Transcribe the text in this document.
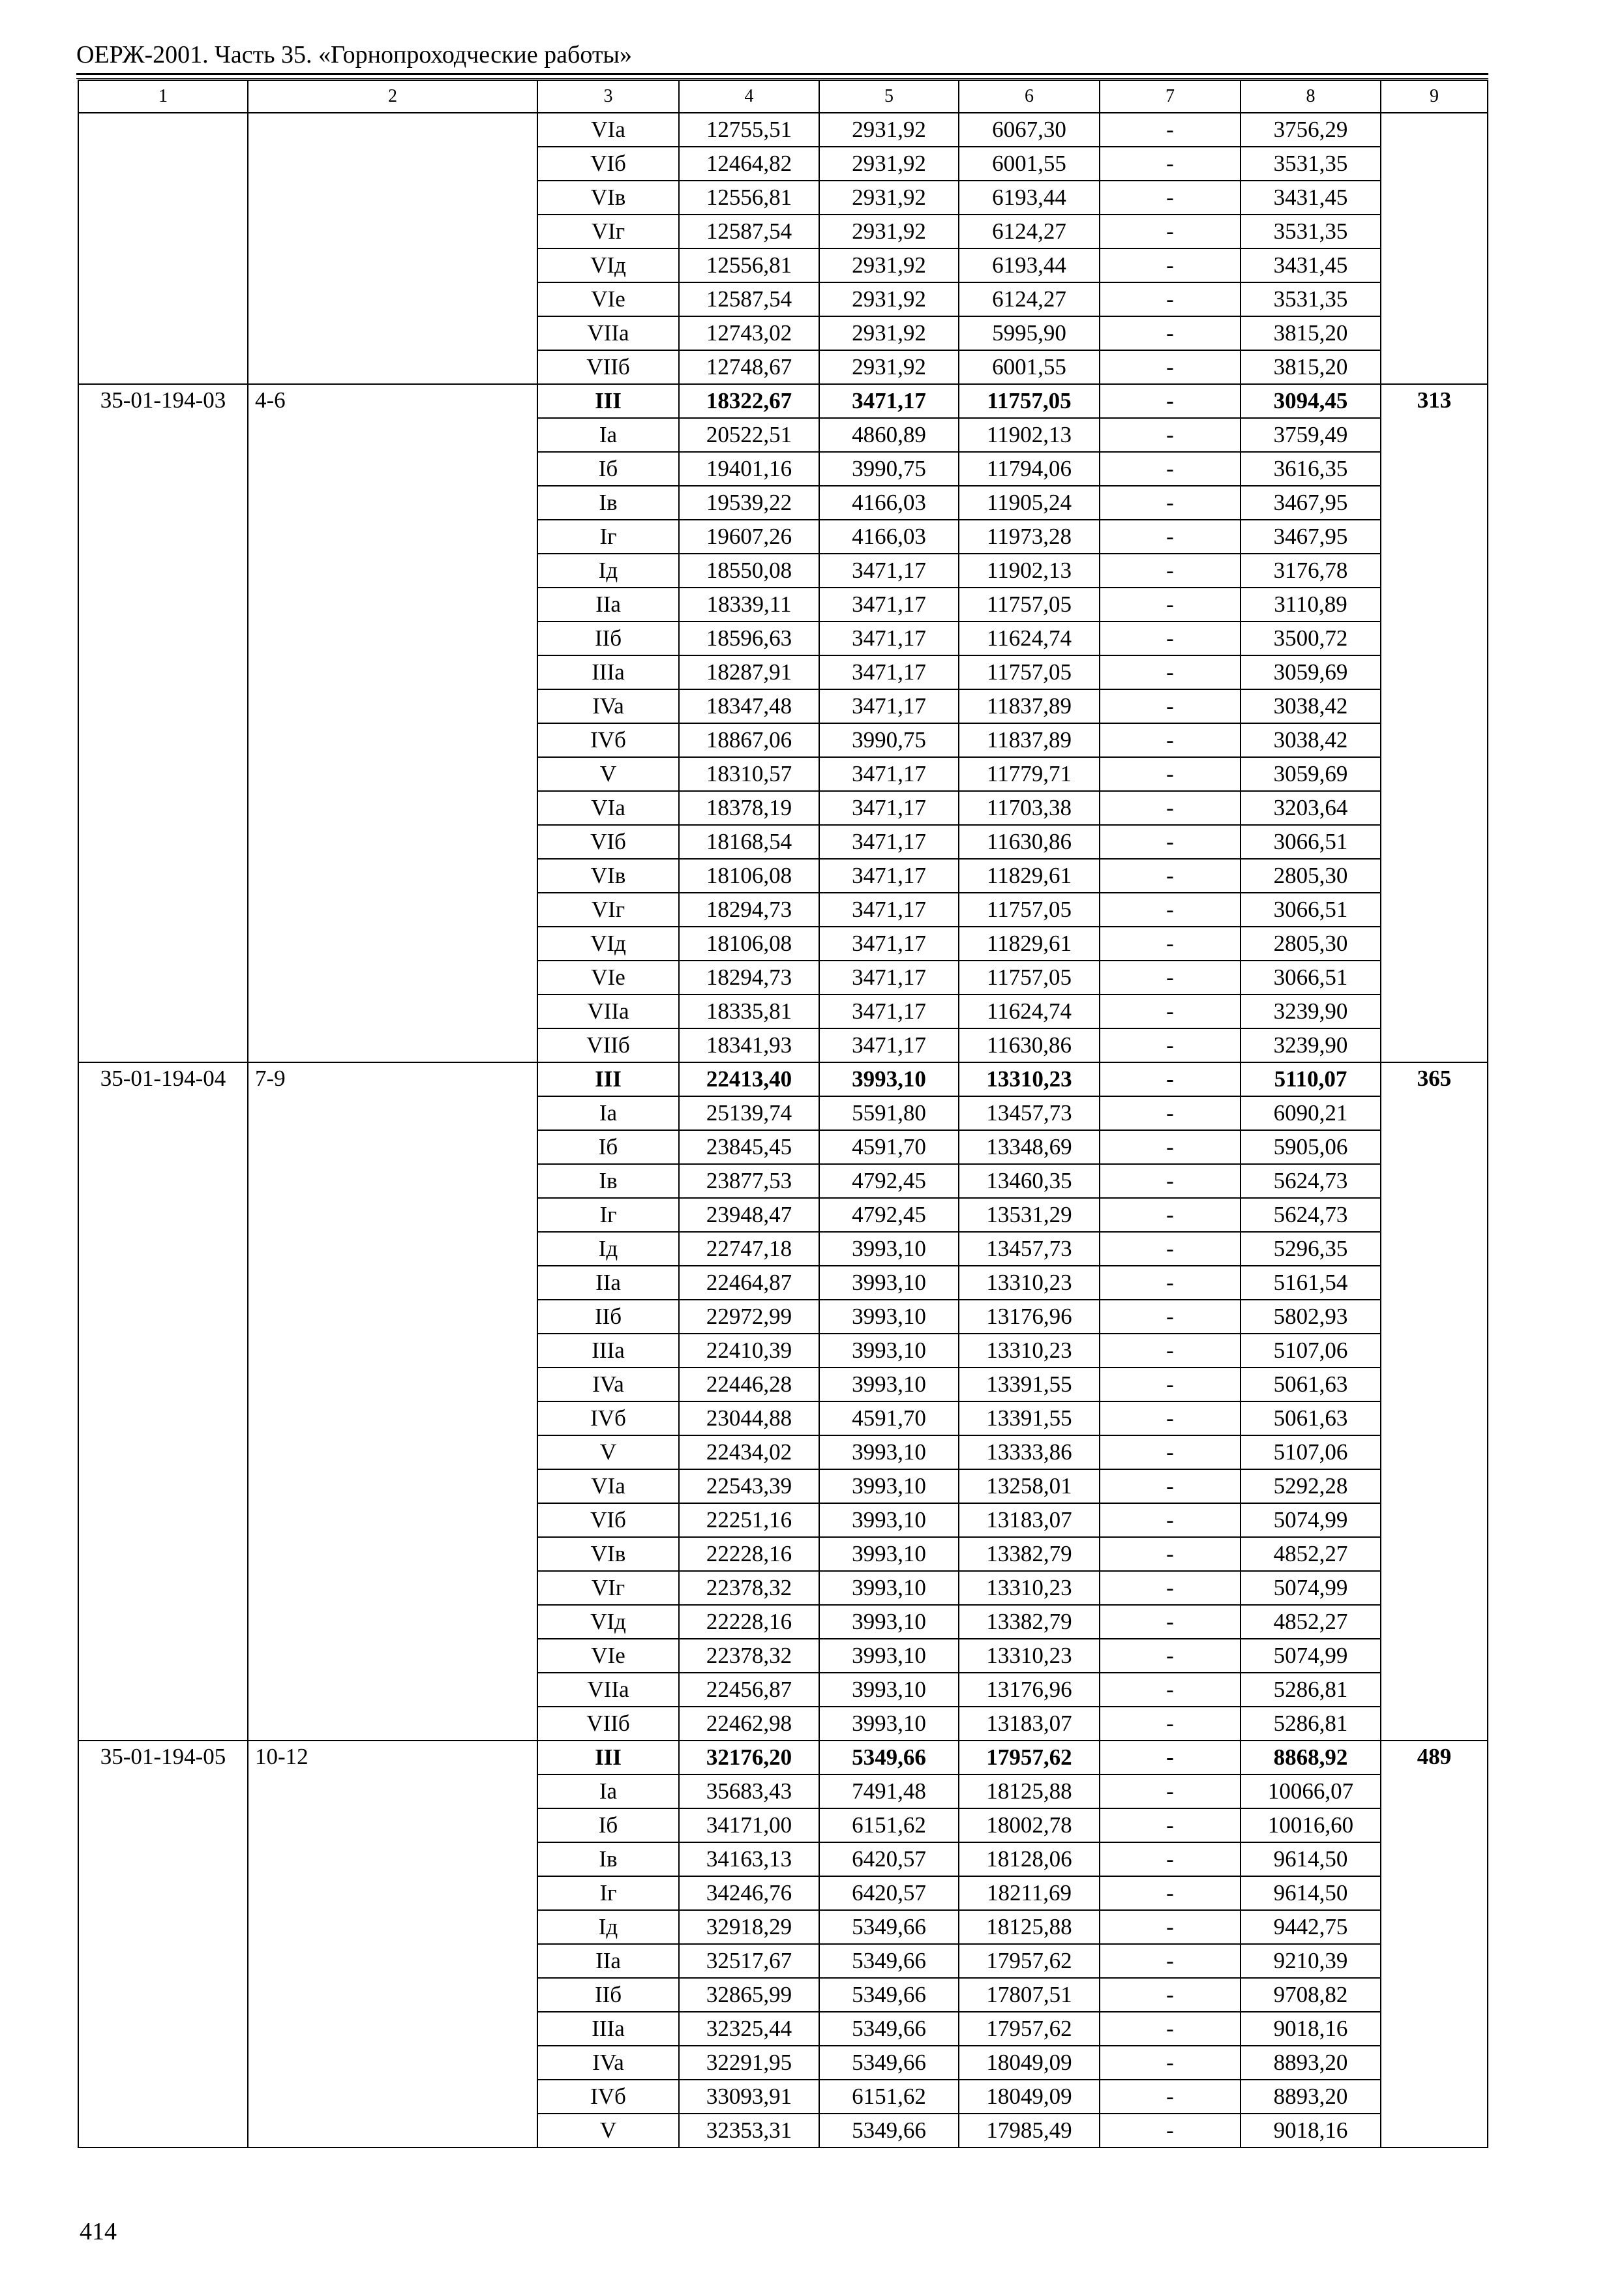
ОЕРЖ-2001. Часть 35. «Горнопроходческие работы»
1	2	3	4	5	6	7	8	9
		VIa	12755,51	2931,92	6067,30	-	3756,29	
		VIб	12464,82	2931,92	6001,55	-	3531,35	
		VIв	12556,81	2931,92	6193,44	-	3431,45	
		VIг	12587,54	2931,92	6124,27	-	3531,35	
		VIд	12556,81	2931,92	6193,44	-	3431,45	
		VIе	12587,54	2931,92	6124,27	-	3531,35	
		VIIa	12743,02	2931,92	5995,90	-	3815,20	
		VIIб	12748,67	2931,92	6001,55	-	3815,20	
35-01-194-03	4-6	III	18322,67	3471,17	11757,05	-	3094,45	313
		Ia	20522,51	4860,89	11902,13	-	3759,49	
		Iб	19401,16	3990,75	11794,06	-	3616,35	
		Iв	19539,22	4166,03	11905,24	-	3467,95	
		Iг	19607,26	4166,03	11973,28	-	3467,95	
		Iд	18550,08	3471,17	11902,13	-	3176,78	
		IIa	18339,11	3471,17	11757,05	-	3110,89	
		IIб	18596,63	3471,17	11624,74	-	3500,72	
		IIIa	18287,91	3471,17	11757,05	-	3059,69	
		IVa	18347,48	3471,17	11837,89	-	3038,42	
		IVб	18867,06	3990,75	11837,89	-	3038,42	
		V	18310,57	3471,17	11779,71	-	3059,69	
		VIa	18378,19	3471,17	11703,38	-	3203,64	
		VIб	18168,54	3471,17	11630,86	-	3066,51	
		VIв	18106,08	3471,17	11829,61	-	2805,30	
		VIг	18294,73	3471,17	11757,05	-	3066,51	
		VIд	18106,08	3471,17	11829,61	-	2805,30	
		VIе	18294,73	3471,17	11757,05	-	3066,51	
		VIIa	18335,81	3471,17	11624,74	-	3239,90	
		VIIб	18341,93	3471,17	11630,86	-	3239,90	
35-01-194-04	7-9	III	22413,40	3993,10	13310,23	-	5110,07	365
		Ia	25139,74	5591,80	13457,73	-	6090,21	
		Iб	23845,45	4591,70	13348,69	-	5905,06	
		Iв	23877,53	4792,45	13460,35	-	5624,73	
		Iг	23948,47	4792,45	13531,29	-	5624,73	
		Iд	22747,18	3993,10	13457,73	-	5296,35	
		IIa	22464,87	3993,10	13310,23	-	5161,54	
		IIб	22972,99	3993,10	13176,96	-	5802,93	
		IIIa	22410,39	3993,10	13310,23	-	5107,06	
		IVa	22446,28	3993,10	13391,55	-	5061,63	
		IVб	23044,88	4591,70	13391,55	-	5061,63	
		V	22434,02	3993,10	13333,86	-	5107,06	
		VIa	22543,39	3993,10	13258,01	-	5292,28	
		VIб	22251,16	3993,10	13183,07	-	5074,99	
		VIв	22228,16	3993,10	13382,79	-	4852,27	
		VIг	22378,32	3993,10	13310,23	-	5074,99	
		VIд	22228,16	3993,10	13382,79	-	4852,27	
		VIе	22378,32	3993,10	13310,23	-	5074,99	
		VIIa	22456,87	3993,10	13176,96	-	5286,81	
		VIIб	22462,98	3993,10	13183,07	-	5286,81	
35-01-194-05	10-12	III	32176,20	5349,66	17957,62	-	8868,92	489
		Ia	35683,43	7491,48	18125,88	-	10066,07	
		Iб	34171,00	6151,62	18002,78	-	10016,60	
		Iв	34163,13	6420,57	18128,06	-	9614,50	
		Iг	34246,76	6420,57	18211,69	-	9614,50	
		Iд	32918,29	5349,66	18125,88	-	9442,75	
		IIa	32517,67	5349,66	17957,62	-	9210,39	
		IIб	32865,99	5349,66	17807,51	-	9708,82	
		IIIa	32325,44	5349,66	17957,62	-	9018,16	
		IVa	32291,95	5349,66	18049,09	-	8893,20	
		IVб	33093,91	6151,62	18049,09	-	8893,20	
		V	32353,31	5349,66	17985,49	-	9018,16	
414
